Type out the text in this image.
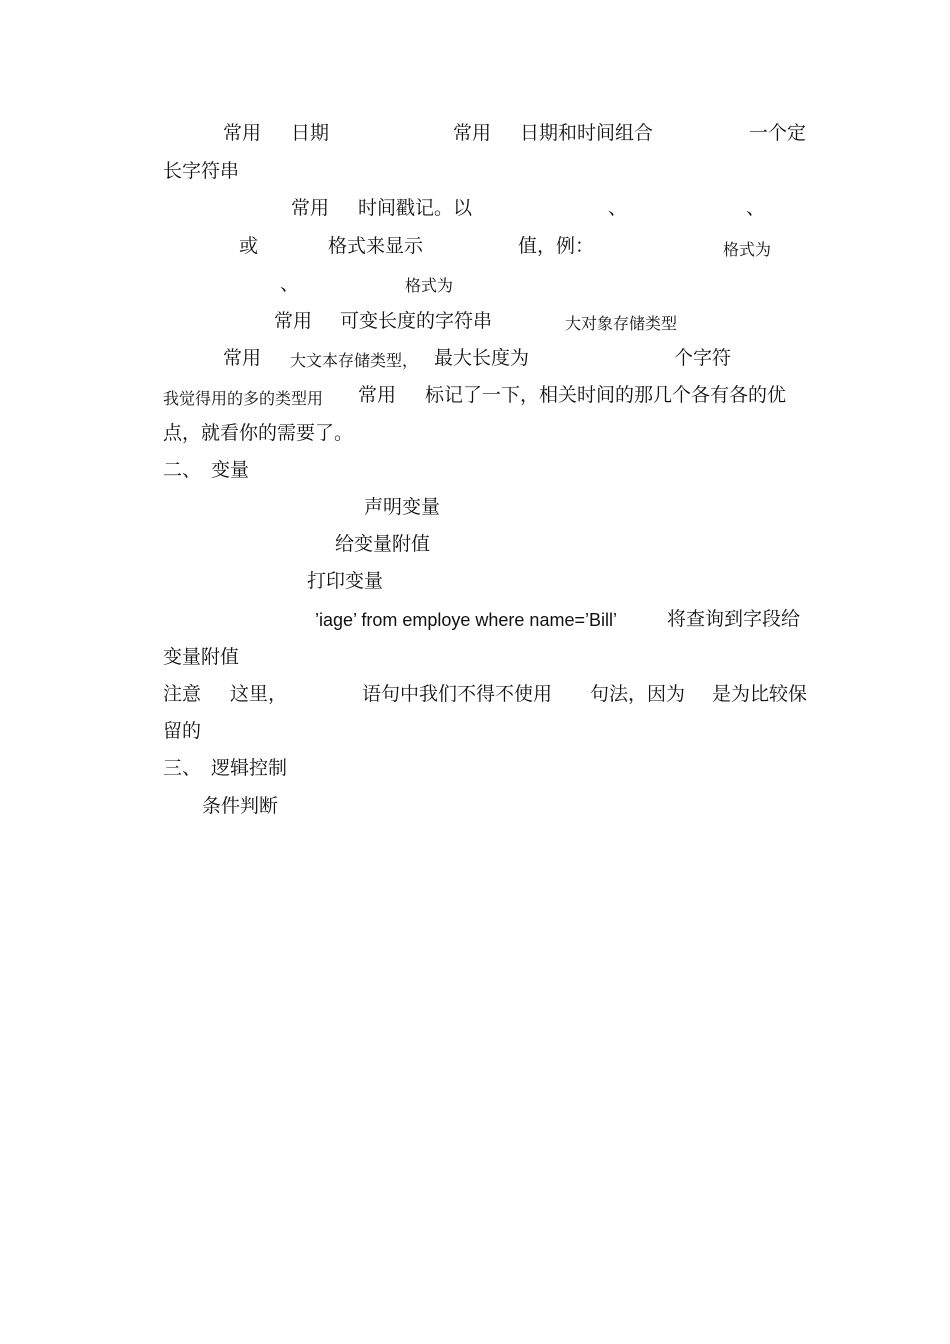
常用 日期	常用 日期和时间组合	一个定
长字符串
常用 时间戳记。以	、	、
或	格式来显示	值，例：	格式为
、	格式为
常用 可变长度的字符串	大对象存储类型
常用 大文本存储类型， 最大长度为	个字符
我觉得用的多的类型用 常用 标记了一下，相关时间的那几个各有各的优
点，就看你的需要了。
二、 变量
声明变量
给变量附值
打印变量
’iage’ from employe where name=’Bill’	将查询到字段给
变量附值
注意 这里，	语句中我们不得不使用 句法，因为 是为比较保
留的
三、 逻辑控制
条件判断
